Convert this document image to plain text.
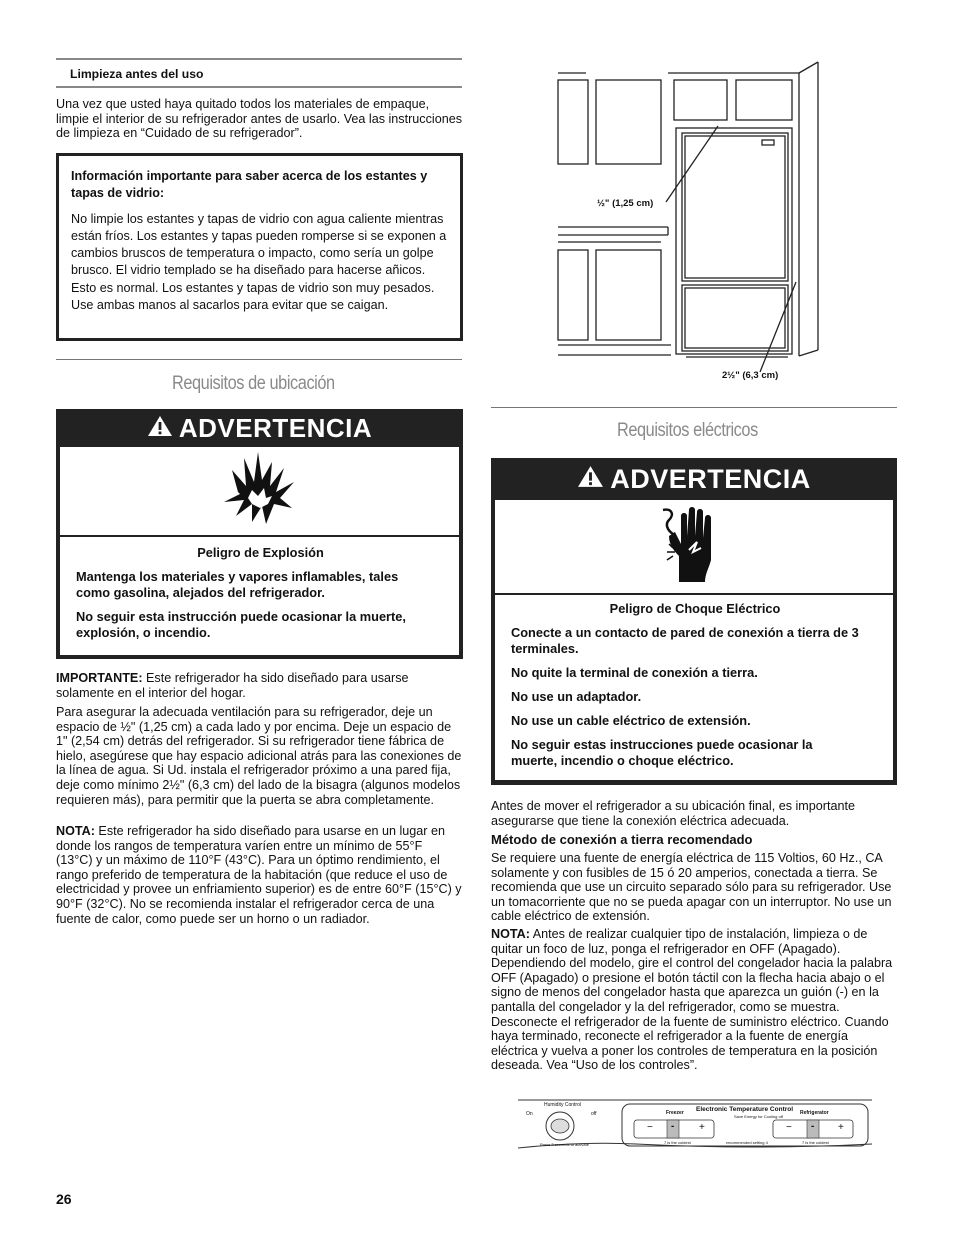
Limpieza antes del uso

Una vez que usted haya quitado todos los materiales de empaque, limpie el interior de su refrigerador antes de usarlo. Vea las instrucciones de limpieza en “Cuidado de su refrigerador”.

Información importante para saber acerca de los estantes y tapas de vidrio:

No limpie los estantes y tapas de vidrio con agua caliente mientras están fríos. Los estantes y tapas pueden romperse si se exponen a cambios bruscos de temperatura o impacto, como sería un golpe brusco. El vidrio templado se ha diseñado para hacerse añicos. Esto es normal. Los estantes y tapas de vidrio son muy pesados. Use ambas manos al sacarlos para evitar que se caigan.

Requisitos de ubicación
ADVERTENCIA

Peligro de Explosión

Mantenga los materiales y vapores inflamables, tales como gasolina, alejados del refrigerador.

No seguir esta instrucción puede ocasionar la muerte, explosión, o incendio.

IMPORTANTE: Este refrigerador ha sido diseñado para usarse solamente en el interior del hogar.

Para asegurar la adecuada ventilación para su refrigerador, deje un espacio de ½" (1,25 cm) a cada lado y por encima. Deje un espacio de 1" (2,54 cm) detrás del refrigerador. Si su refrigerador tiene fábrica de hielo, asegúrese que hay espacio adicional atrás para las conexiones de la línea de agua. Si Ud. instala el refrigerador próximo a una pared fija, deje como mínimo 2½" (6,3 cm) del lado de la bisagra (algunos modelos requieren más), para permitir que la puerta se abra completamente.

NOTA: Este refrigerador ha sido diseñado para usarse en un lugar en donde los rangos de temperatura varíen entre un mínimo de 55°F (13°C) y un máximo de 110°F (43°C). Para un óptimo rendimiento, el rango preferido de temperatura de la habitación (que reduce el uso de electricidad y provee un enfriamiento superior) es de entre 60°F (15°C) y 90°F (32°C). No se recomienda instalar el refrigerador cerca de una fuente de calor, como puede ser un horno o un radiador.

½" (1,25 cm)
2½" (6,3 cm)
Requisitos eléctricos
ADVERTENCIA

Peligro de Choque Eléctrico

Conecte a un contacto de pared de conexión a tierra de 3 terminales.

No quite la terminal de conexión a tierra.

No use un adaptador.

No use un cable eléctrico de extensión.

No seguir estas instrucciones puede ocasionar la muerte, incendio o choque eléctrico.

Antes de mover el refrigerador a su ubicación final, es importante asegurarse que tiene la conexión eléctrica adecuada.

Método de conexión a tierra recomendado

Se requiere una fuente de energía eléctrica de 115 Voltios, 60 Hz., CA solamente y con fusibles de 15 ó 20 amperios, conectada a tierra. Se recomienda que use un circuito separado sólo para su refrigerador. Use un tomacorriente que no se pueda apagar con un interruptor. No use un cable eléctrico de extensión.

NOTA: Antes de realizar cualquier tipo de instalación, limpieza o de quitar un foco de luz, ponga el refrigerador en OFF (Apagado). Dependiendo del modelo, gire el control del congelador hacia la palabra OFF (Apagado) o presione el botón táctil con la flecha hacia abajo o el signo de menos del congelador hasta que aparezca un guión (-) en la pantalla del congelador y la del refrigerador, como se muestra. Desconecte el refrigerador de la fuente de suministro eléctrico. Cuando haya terminado, reconecte el refrigerador a la fuente de energía eléctrica y vuelva a poner los controles de temperatura en la posición deseada. Vea “Uso de los controles”.

Humidity Control
On	off
Press 3 seconds to activate
Electronic Temperature Control
Freezer	Refrigerator
Save Energy for Cooling off
− - +	− - +
7 is the coldest	recommended setting 4	7 is the coldest
26
